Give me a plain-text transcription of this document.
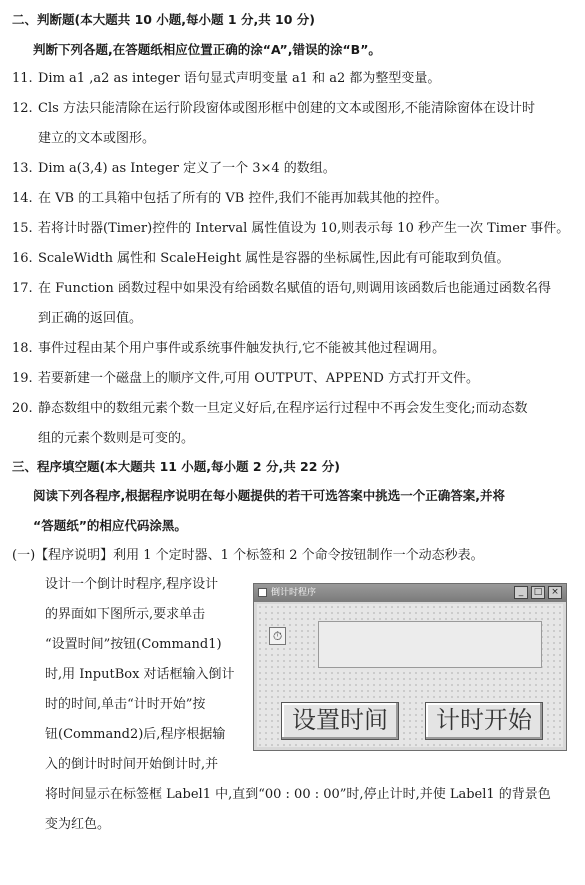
二、判断题(本大题共 10 小题,每小题 1 分,共 10 分)
判断下列各题,在答题纸相应位置正确的涂“A”,错误的涂“B”。
11. Dim a1 ,a2 as integer 语句显式声明变量 a1 和 a2 都为整型变量。
12. Cls 方法只能清除在运行阶段窗体或图形框中创建的文本或图形,不能清除窗体在设计时
建立的文本或图形。
13. Dim a(3,4) as Integer 定义了一个 3×4 的数组。
14. 在 VB 的工具箱中包括了所有的 VB 控件,我们不能再加载其他的控件。
15. 若将计时器(Timer)控件的 Interval 属性值设为 10,则表示每 10 秒产生一次 Timer 事件。
16. ScaleWidth 属性和 ScaleHeight 属性是容器的坐标属性,因此有可能取到负值。
17. 在 Function 函数过程中如果没有给函数名赋值的语句,则调用该函数后也能通过函数名得
到正确的返回值。
18. 事件过程由某个用户事件或系统事件触发执行,它不能被其他过程调用。
19. 若要新建一个磁盘上的顺序文件,可用 OUTPUT、APPEND 方式打开文件。
20. 静态数组中的数组元素个数一旦定义好后,在程序运行过程中不再会发生变化;而动态数
组的元素个数则是可变的。
三、程序填空题(本大题共 11 小题,每小题 2 分,共 22 分)
阅读下列各程序,根据程序说明在每小题提供的若干可选答案中挑选一个正确答案,并将
“答题纸”的相应代码涂黑。
(一)【程序说明】利用 1 个定时器、1 个标签和 2 个命令按钮制作一个动态秒表。
设计一个倒计时程序,程序设计
的界面如下图所示,要求单击
“设置时间”按钮(Command1)
时,用 InputBox 对话框输入倒计
时的时间,单击“计时开始”按
钮(Command2)后,程序根据输
入的倒计时时间开始倒计时,并
将时间显示在标签框 Label1 中,直到“00 : 00 : 00”时,停止计时,并使 Label1 的背景色
变为红色。
倒计时程序	_	□ ×
⏱
设置时间	计时开始
